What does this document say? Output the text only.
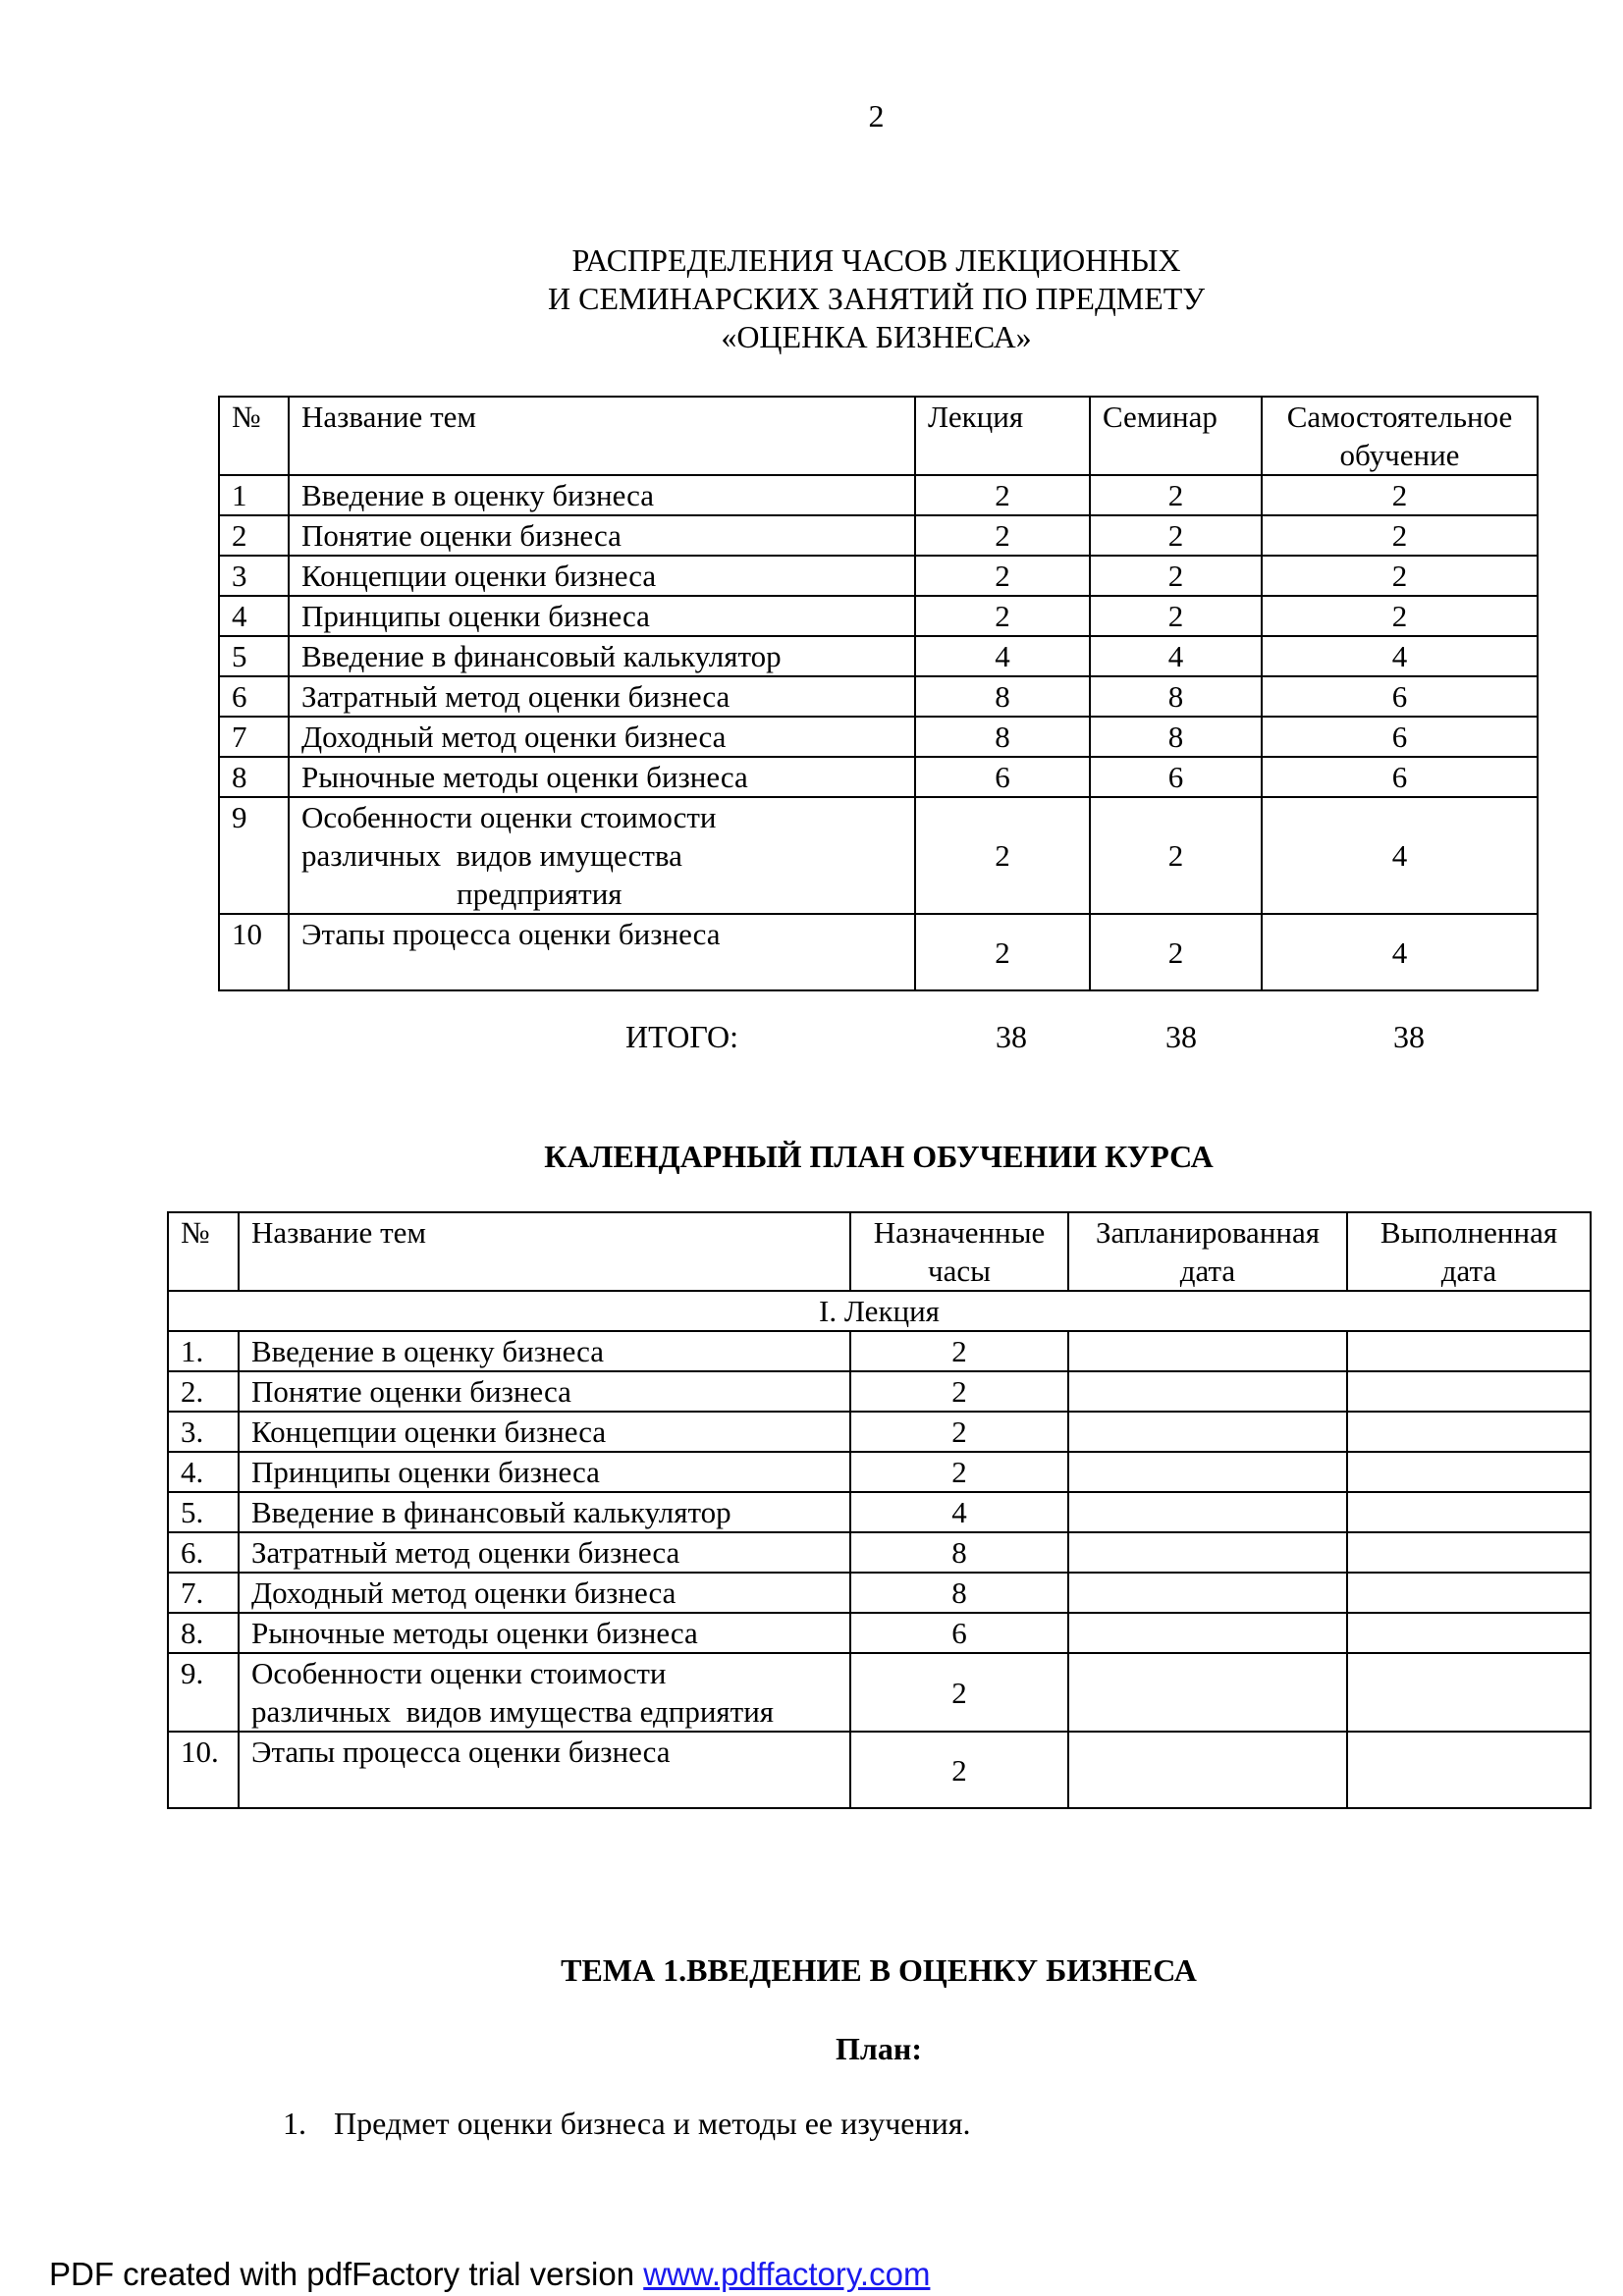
2
РАСПРЕДЕЛЕНИЯ ЧАСОВ ЛЕКЦИОННЫХ
И СЕМИНАРСКИХ ЗАНЯТИЙ ПО ПРЕДМЕТУ
«ОЦЕНКА БИЗНЕСА»
№	Название тем	Лекция	Семинар	Самостоятельное обучение
1	Введение в оценку бизнеса	2	2	2
2	Понятие оценки бизнеса	2	2	2
3	Концепции оценки бизнеса	2	2	2
4	Принципы оценки бизнеса	2	2	2
5	Введение в финансовый калькулятор	4	4	4
6	Затратный метод оценки бизнеса	8	8	6
7	Доходный метод оценки бизнеса	8	8	6
8	Рыночные методы оценки бизнеса	6	6	6
9	Особенности оценки стоимости
различных  видов имущества
предприятия	2	2	4
10	Этапы процесса оценки бизнеса	2	2	4
ИТОГО:	38	38	38
КАЛЕНДАРНЫЙ ПЛАН ОБУЧЕНИИ КУРСА
№	Название тем	Назначенные часы	Запланированная дата	Выполненная дата
I. Лекция				
1.	Введение в оценку бизнеса	2		
2.	Понятие оценки бизнеса	2		
3.	Концепции оценки бизнеса	2		
4.	Принципы оценки бизнеса	2		
5.	Введение в финансовый калькулятор	4		
6.	Затратный метод оценки бизнеса	8		
7.	Доходный метод оценки бизнеса	8		
8.	Рыночные методы оценки бизнеса	6		
9.	Особенности оценки стоимости
различных  видов имущества едприятия	2		
10.	Этапы процесса оценки бизнеса	2		
ТЕМА 1.ВВЕДЕНИЕ В ОЦЕНКУ БИЗНЕСА
План:
1. Предмет оценки бизнеса и методы ее изучения.
PDF created with pdfFactory trial version www.pdffactory.com
